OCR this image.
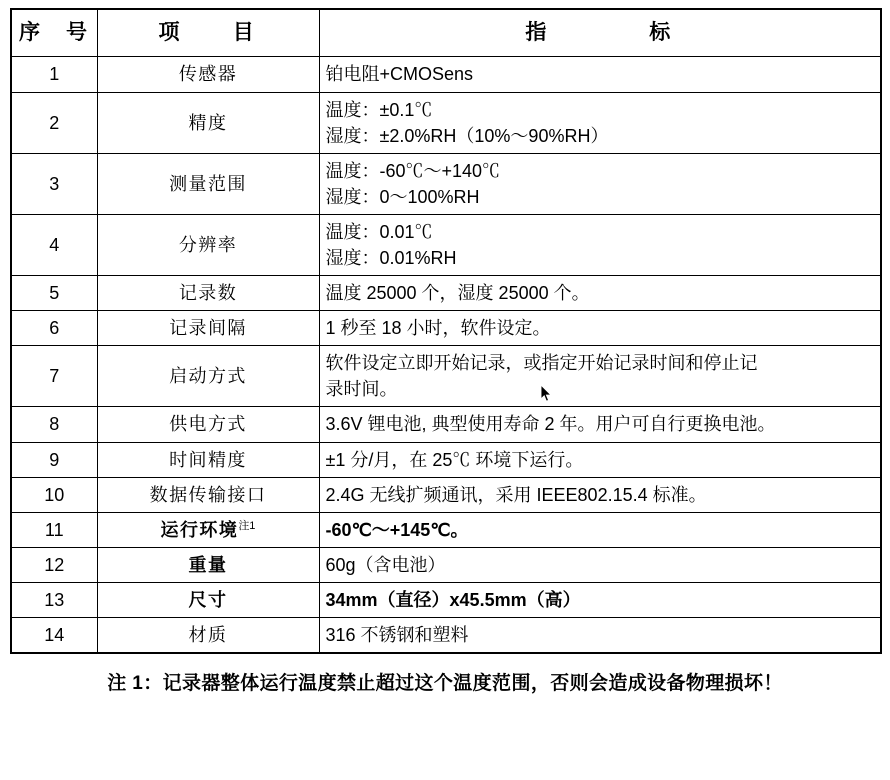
序　号	项　　目	指　　　　标
1	传感器	铂电阻+CMOSens

2	精度	温度：±0.1℃
湿度：±2.0%RH（10%～90%RH）

3	测量范围	温度：-60℃～+140℃
湿度：0～100%RH

4	分辨率	温度：0.01℃
湿度：0.01%RH

5	记录数	温度 25000 个，湿度 25000 个。

6	记录间隔	1 秒至 18 小时，软件设定。

7	启动方式	软件设定立即开始记录，或指定开始记录时间和停止记
录时间。

8	供电方式	3.6V 锂电池, 典型使用寿命 2 年。用户可自行更换电池。

9	时间精度	±1 分/月，在 25℃ 环境下运行。

10	数据传输接口	2.4G 无线扩频通讯，采用 IEEE802.15.4 标准。

11	运行环境$^{注1}$	-60℃～+145℃。

12	重量	60g（含电池）

13	尺寸	34mm（直径）x45.5mm（高）

14	材质	316 不锈钢和塑料
注 1：记录器整体运行温度禁止超过这个温度范围，否则会造成设备物理损坏！
